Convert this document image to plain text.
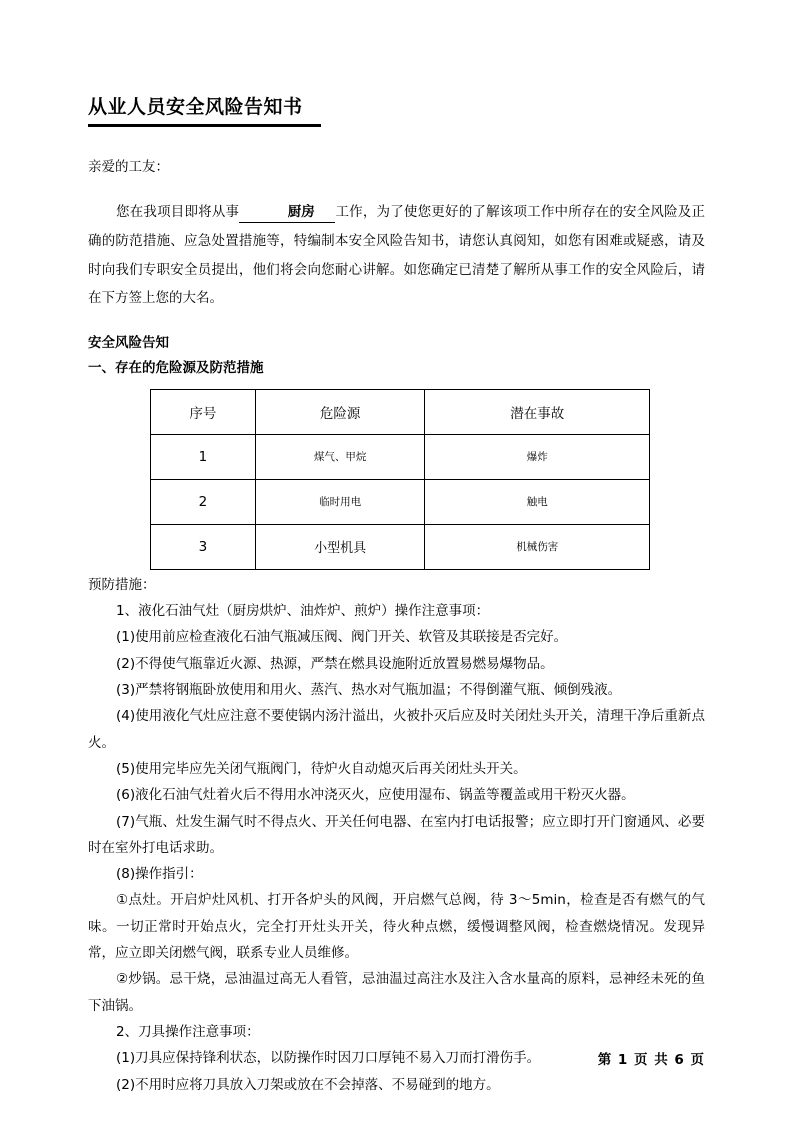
从业人员安全风险告知书
亲爱的工友：
您在我项目即将从事	厨房 工作，为了使您更好的了解该项工作中所存在的安全风险及正确的防范措施、应急处置措施等，特编制本安全风险告知书，请您认真阅知，如您有困难或疑惑，请及时向我们专职安全员提出，他们将会向您耐心讲解。如您确定已清楚了解所从事工作的安全风险后，请在下方签上您的大名。
安全风险告知
一、存在的危险源及防范措施
序号	危险源	潜在事故
1	煤气、甲烷	爆炸
2	临时用电	触电
3	小型机具	机械伤害
预防措施：
1、液化石油气灶（厨房烘炉、油炸炉、煎炉）操作注意事项：
(1)使用前应检查液化石油气瓶减压阀、阀门开关、软管及其联接是否完好。
(2)不得使气瓶靠近火源、热源，严禁在燃具设施附近放置易燃易爆物品。
(3)严禁将钢瓶卧放使用和用火、蒸汽、热水对气瓶加温；不得倒灌气瓶、倾倒残液。
(4)使用液化气灶应注意不要使锅内汤汁溢出，火被扑灭后应及时关闭灶头开关，清理干净后重新点火。
(5)使用完毕应先关闭气瓶阀门，待炉火自动熄灭后再关闭灶头开关。
(6)液化石油气灶着火后不得用水冲浇灭火，应使用湿布、锅盖等覆盖或用干粉灭火器。
(7)气瓶、灶发生漏气时不得点火、开关任何电器、在室内打电话报警；应立即打开门窗通风、必要时在室外打电话求助。
(8)操作指引：
①点灶。开启炉灶风机、打开各炉头的风阀，开启燃气总阀，待 3～5min，检查是否有燃气的气味。一切正常时开始点火，完全打开灶头开关，待火种点燃，缓慢调整风阀，检查燃烧情况。发现异常，应立即关闭燃气阀，联系专业人员维修。
②炒锅。忌干烧，忌油温过高无人看管，忌油温过高注水及注入含水量高的原料，忌神经未死的鱼下油锅。
2、刀具操作注意事项：
(1)刀具应保持锋利状态，以防操作时因刀口厚钝不易入刀而打滑伤手。
(2)不用时应将刀具放入刀架或放在不会掉落、不易碰到的地方。
第 1 页 共 6 页
